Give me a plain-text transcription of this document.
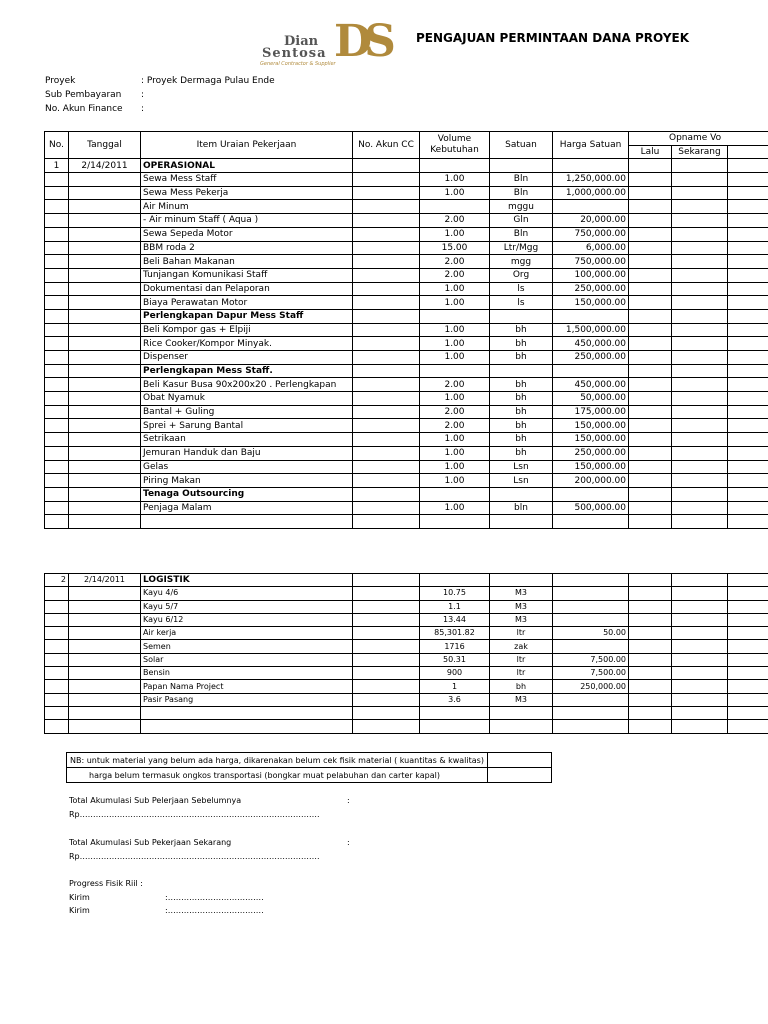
DS
Dian
Sentosa
General Contractor & Supplier
PENGAJUAN PERMINTAAN DANA PROYEK
Proyek	: Proyek Dermaga Pulau Ende
Sub Pembayaran :
No. Akun Finance :
No.	Tanggal	Item Uraian Pekerjaan	No. Akun CC	Volume Kebutuhan	Satuan	Harga Satuan	Opname Vo		
							Lalu	Sekarang	
1	2/14/2011	OPERASIONAL							
		Sewa Mess Staff		1.00	Bln	1,250,000.00			
		Sewa Mess Pekerja		1.00	Bln	1,000,000.00			
		Air Minum			mggu				
		- Air minum Staff ( Aqua )		2.00	Gln	20,000.00			
		Sewa Sepeda Motor		1.00	Bln	750,000.00			
		BBM roda 2		15.00	Ltr/Mgg	6,000.00			
		Beli Bahan Makanan		2.00	mgg	750,000.00			
		Tunjangan Komunikasi Staff		2.00	Org	100,000.00			
		Dokumentasi dan Pelaporan		1.00	ls	250,000.00			
		Biaya Perawatan Motor		1.00	ls	150,000.00			
		Perlengkapan Dapur Mess Staff							
		Beli Kompor gas + Elpiji		1.00	bh	1,500,000.00			
		Rice Cooker/Kompor Minyak.		1.00	bh	450,000.00			
		Dispenser		1.00	bh	250,000.00			
		Perlengkapan Mess Staff.							
		Beli Kasur Busa 90x200x20 . Perlengkapan		2.00	bh	450,000.00			
		Obat Nyamuk		1.00	bh	50,000.00			
		Bantal + Guling		2.00	bh	175,000.00			
		Sprei + Sarung Bantal		2.00	bh	150,000.00			
		Setrikaan		1.00	bh	150,000.00			
		Jemuran Handuk dan Baju		1.00	bh	250,000.00			
		Gelas		1.00	Lsn	150,000.00			
		Piring Makan		1.00	Lsn	200,000.00			
		Tenaga Outsourcing							
		Penjaga Malam		1.00	bln	500,000.00			

2	2/14/2011	LOGISTIK							
		Kayu 4/6		10.75	M3				
		Kayu 5/7		1.1	M3				
		Kayu 6/12		13.44	M3				
		Air kerja		85,301.82	ltr	50.00			
		Semen		1716	zak				
		Solar		50.31	ltr	7,500.00			
		Bensin		900	ltr	7,500.00			
		Papan Nama Project		1	bh	250,000.00			
		Pasir Pasang		3.6	M3				

NB: untuk material yang belum ada harga, dikarenakan belum cek fisik material ( kuantitas & kwalitas)	
harga belum termasuk ongkos transportasi (bongkar muat pelabuhan dan carter kapal)	
Total Akumulasi Sub Pelerjaan Sebelumnya	:
Rp………………………………………………………………………………
Total Akumulasi Sub Pekerjaan Sekarang	:
Rp………………………………………………………………………………
Progress Fisik Riil :
Kirim	:………………………………
Kirim	:………………………………
